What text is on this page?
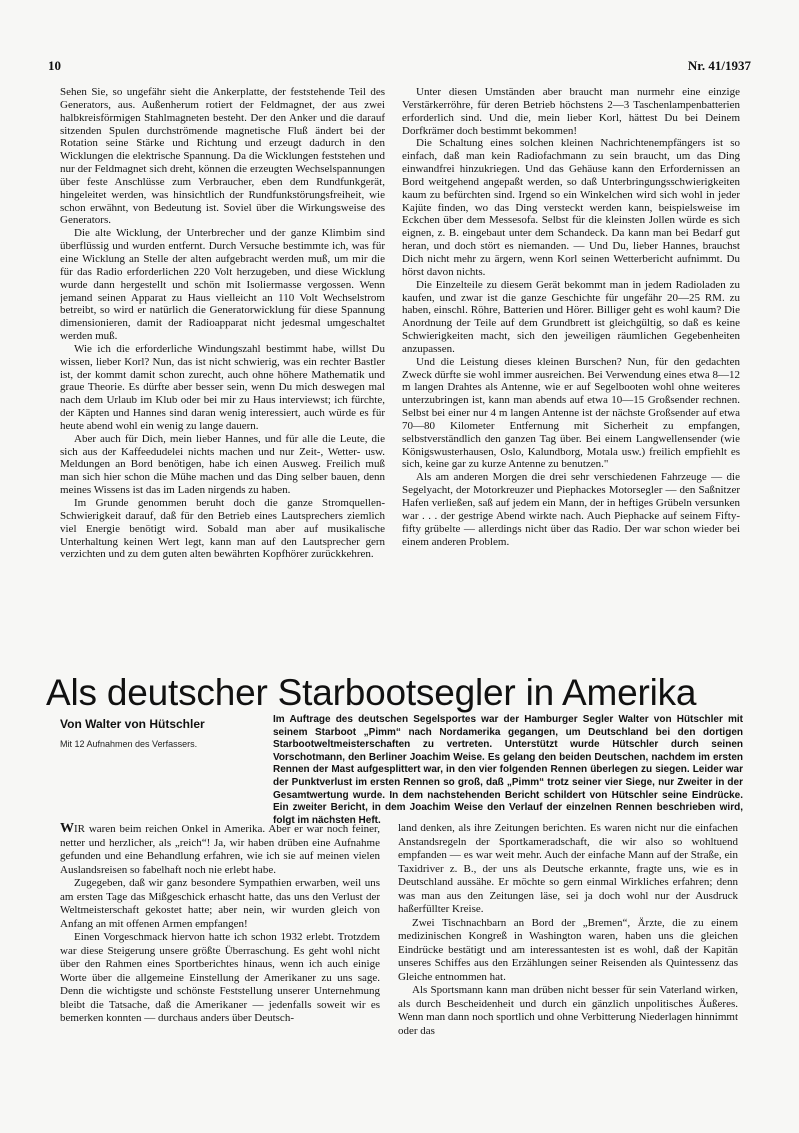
10	Nr. 41/1937

Sehen Sie, so ungefähr sieht die Ankerplatte, der feststehende Teil des Generators, aus. Außenherum rotiert der Feldmagnet, der aus zwei halbkreisförmigen Stahlmagneten besteht. Der den Anker und die darauf sitzenden Spulen durchströmende magnetische Fluß ändert bei der Rotation seine Stärke und Richtung und erzeugt dadurch in den Wicklungen die elektrische Spannung. Da die Wicklungen feststehen und nur der Feldmagnet sich dreht, können die erzeugten Wechselspannungen über feste Anschlüsse zum Verbraucher, eben dem Rundfunkgerät, hingeleitet werden, was hinsichtlich der Rundfunkstörungsfreiheit, wie schon erwähnt, von Bedeutung ist. Soviel über die Wirkungsweise des Generators.

Die alte Wicklung, der Unterbrecher und der ganze Klimbim sind überflüssig und wurden entfernt. Durch Versuche bestimmte ich, was für eine Wicklung an Stelle der alten aufgebracht werden muß, um mir die für das Radio erforderlichen 220 Volt herzugeben, und diese Wicklung wurde dann hergestellt und schön mit Isoliermasse vergossen. Wenn jemand seinen Apparat zu Haus vielleicht an 110 Volt Wechselstrom betreibt, so wird er natürlich die Generatorwicklung für diese Spannung dimensionieren, damit der Radioapparat nicht jedesmal umgeschaltet werden muß.

Wie ich die erforderliche Windungszahl bestimmt habe, willst Du wissen, lieber Korl? Nun, das ist nicht schwierig, was ein rechter Bastler ist, der kommt damit schon zurecht, auch ohne höhere Mathematik und graue Theorie. Es dürfte aber besser sein, wenn Du mich deswegen mal nach dem Urlaub im Klub oder bei mir zu Haus interviewst; ich fürchte, der Käpten und Hannes sind daran wenig interessiert, auch würde es für heute abend wohl ein wenig zu lange dauern.

Aber auch für Dich, mein lieber Hannes, und für alle die Leute, die sich aus der Kaffeedudelei nichts machen und nur Zeit-, Wetter- usw. Meldungen an Bord benötigen, habe ich einen Ausweg. Freilich muß man sich hier schon die Mühe machen und das Ding selber bauen, denn meines Wissens ist das im Laden nirgends zu haben.

Im Grunde genommen beruht doch die ganze Stromquellen-Schwierigkeit darauf, daß für den Betrieb eines Lautsprechers ziemlich viel Energie benötigt wird. Sobald man aber auf musikalische Unterhaltung keinen Wert legt, kann man auf den Lautsprecher gern verzichten und zu dem guten alten bewährten Kopfhörer zurückkehren.

Unter diesen Umständen aber braucht man nurmehr eine einzige Verstärkerröhre, für deren Betrieb höchstens 2—3 Taschenlampenbatterien erforderlich sind. Und die, mein lieber Korl, hättest Du bei Deinem Dorfkrämer doch bestimmt bekommen!

Die Schaltung eines solchen kleinen Nachrichtenempfängers ist so einfach, daß man kein Radiofachmann zu sein braucht, um das Ding einwandfrei hinzukriegen. Und das Gehäuse kann den Erfordernissen an Bord weitgehend angepaßt werden, so daß Unterbringungsschwierigkeiten kaum zu befürchten sind. Irgend so ein Winkelchen wird sich wohl in jeder Kajüte finden, wo das Ding versteckt werden kann, beispielsweise im Eckchen über dem Messesofa. Selbst für die kleinsten Jollen würde es sich eignen, z. B. eingebaut unter dem Schandeck. Da kann man bei Bedarf gut heran, und doch stört es niemanden. — Und Du, lieber Hannes, brauchst Dich nicht mehr zu ärgern, wenn Korl seinen Wetterbericht aufnimmt. Du hörst davon nichts.

Die Einzelteile zu diesem Gerät bekommt man in jedem Radioladen zu kaufen, und zwar ist die ganze Geschichte für ungefähr 20—25 RM. zu haben, einschl. Röhre, Batterien und Hörer. Billiger geht es wohl kaum? Die Anordnung der Teile auf dem Grundbrett ist gleichgültig, so daß es keine Schwierigkeiten macht, sich den jeweiligen räumlichen Gegebenheiten anzupassen.

Und die Leistung dieses kleinen Burschen? Nun, für den gedachten Zweck dürfte sie wohl immer ausreichen. Bei Verwendung eines etwa 8—12 m langen Drahtes als Antenne, wie er auf Segelbooten wohl ohne weiteres unterzubringen ist, kann man abends auf etwa 10—15 Großsender rechnen. Selbst bei einer nur 4 m langen Antenne ist der nächste Großsender auf etwa 70—80 Kilometer Entfernung mit Sicherheit zu empfangen, selbstverständlich den ganzen Tag über. Bei einem Langwellensender (wie Königswusterhausen, Oslo, Kalundborg, Motala usw.) freilich empfiehlt es sich, keine gar zu kurze Antenne zu benutzen."

Als am anderen Morgen die drei sehr verschiedenen Fahrzeuge — die Segelyacht, der Motorkreuzer und Piephackes Motorsegler — den Saßnitzer Hafen verließen, saß auf jedem ein Mann, der in heftiges Grübeln versunken war . . . der gestrige Abend wirkte nach. Auch Piephacke auf seinem Fifty-fifty grübelte — allerdings nicht über das Radio. Der war schon wieder bei einem anderen Problem.

Als deutscher Starbootsegler in Amerika
Von Walter von Hütschler
Mit 12 Aufnahmen des Verfassers.

Im Auftrage des deutschen Segelsportes war der Hamburger Segler Walter von Hütschler mit seinem Starboot „Pimm“ nach Nordamerika gegangen, um Deutschland bei den dortigen Starbootweltmeisterschaften zu vertreten. Unterstützt wurde Hütschler durch seinen Vorschotmann, den Berliner Joachim Weise. Es gelang den beiden Deutschen, nachdem im ersten Rennen der Mast aufgesplittert war, in den vier folgenden Rennen überlegen zu siegen. Leider war der Punktverlust im ersten Rennen so groß, daß „Pimm“ trotz seiner vier Siege, nur Zweiter in der Gesamtwertung wurde. In dem nachstehenden Bericht schildert von Hütschler seine Eindrücke. Ein zweiter Bericht, in dem Joachim Weise den Verlauf der einzelnen Rennen beschrieben wird, folgt im nächsten Heft.

WIR waren beim reichen Onkel in Amerika. Aber er war noch feiner, netter und herzlicher, als „reich“! Ja, wir haben drüben eine Aufnahme gefunden und eine Behandlung erfahren, wie ich sie auf meinen vielen Auslandsreisen so fabelhaft noch nie erlebt habe.

Zugegeben, daß wir ganz besondere Sympathien erwarben, weil uns am ersten Tage das Mißgeschick erhascht hatte, das uns den Verlust der Weltmeisterschaft gekostet hatte; aber nein, wir wurden gleich von Anfang an mit offenen Armen empfangen!

Einen Vorgeschmack hiervon hatte ich schon 1932 erlebt. Trotzdem war diese Steigerung unsere größte Überraschung. Es geht wohl nicht über den Rahmen eines Sportberichtes hinaus, wenn ich auch einige Worte über die allgemeine Einstellung der Amerikaner zu uns sage. Denn die wichtigste und schönste Feststellung unserer Unternehmung bleibt die Tatsache, daß die Amerikaner — jedenfalls soweit wir es bemerken konnten — durchaus anders über Deutsch-

land denken, als ihre Zeitungen berichten. Es waren nicht nur die einfachen Anstandsregeln der Sportkameradschaft, die wir also so wohltuend empfanden — es war weit mehr. Auch der einfache Mann auf der Straße, ein Taxidriver z. B., der uns als Deutsche erkannte, fragte uns, wie es in Deutschland aussähe. Er möchte so gern einmal Wirkliches erfahren; denn was man aus den Zeitungen läse, sei ja doch wohl nur der Ausdruck haßerfüllter Kreise.

Zwei Tischnachbarn an Bord der „Bremen“, Ärzte, die zu einem medizinischen Kongreß in Washington waren, haben uns die gleichen Eindrücke bestätigt und am interessantesten ist es wohl, daß der Kapitän unseres Schiffes aus den Erzählungen seiner Reisenden als Quintessenz das Gleiche entnommen hat.

Als Sportsmann kann man drüben nicht besser für sein Vaterland wirken, als durch Bescheidenheit und durch ein gänzlich unpolitisches Äußeres. Wenn man dann noch sportlich und ohne Verbitterung Niederlagen hinnimmt oder das
